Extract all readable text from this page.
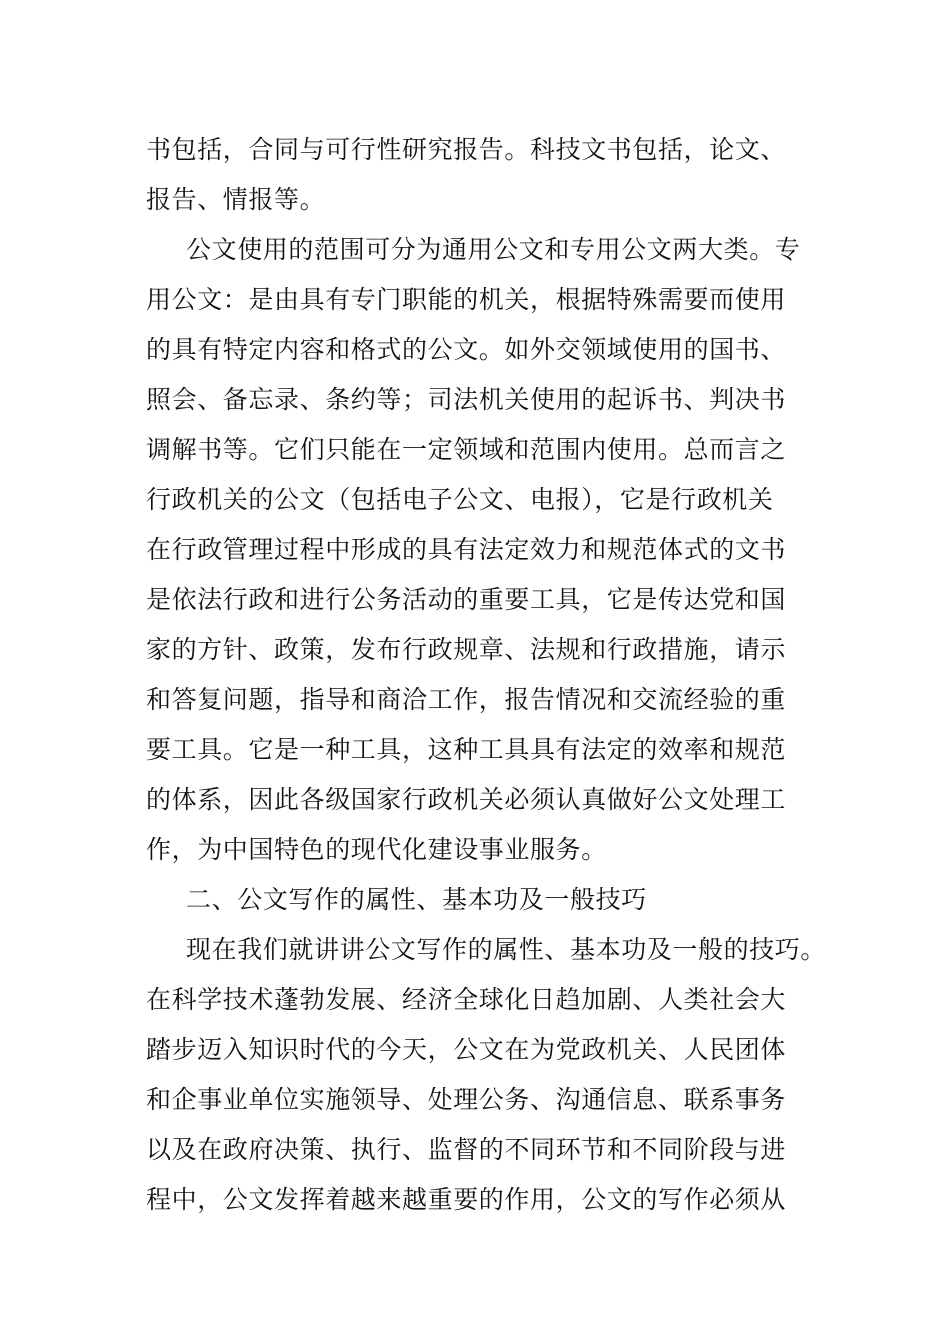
书包括，合同与可行性研究报告。科技文书包括，论文、
报告、情报等。
公文使用的范围可分为通用公文和专用公文两大类。专
用公文：是由具有专门职能的机关，根据特殊需要而使用
的具有特定内容和格式的公文。如外交领域使用的国书、
照会、备忘录、条约等；司法机关使用的起诉书、判决书
调解书等。它们只能在一定领域和范围内使用。总而言之
行政机关的公文（包括电子公文、电报），它是行政机关
在行政管理过程中形成的具有法定效力和规范体式的文书
是依法行政和进行公务活动的重要工具，它是传达党和国
家的方针、政策，发布行政规章、法规和行政措施，请示
和答复问题，指导和商洽工作，报告情况和交流经验的重
要工具。它是一种工具，这种工具具有法定的效率和规范
的体系，因此各级国家行政机关必须认真做好公文处理工
作，为中国特色的现代化建设事业服务。
二、公文写作的属性、基本功及一般技巧
现在我们就讲讲公文写作的属性、基本功及一般的技巧。
在科学技术蓬勃发展、经济全球化日趋加剧、人类社会大
踏步迈入知识时代的今天，公文在为党政机关、人民团体
和企事业单位实施领导、处理公务、沟通信息、联系事务
以及在政府决策、执行、监督的不同环节和不同阶段与进
程中，公文发挥着越来越重要的作用，公文的写作必须从
